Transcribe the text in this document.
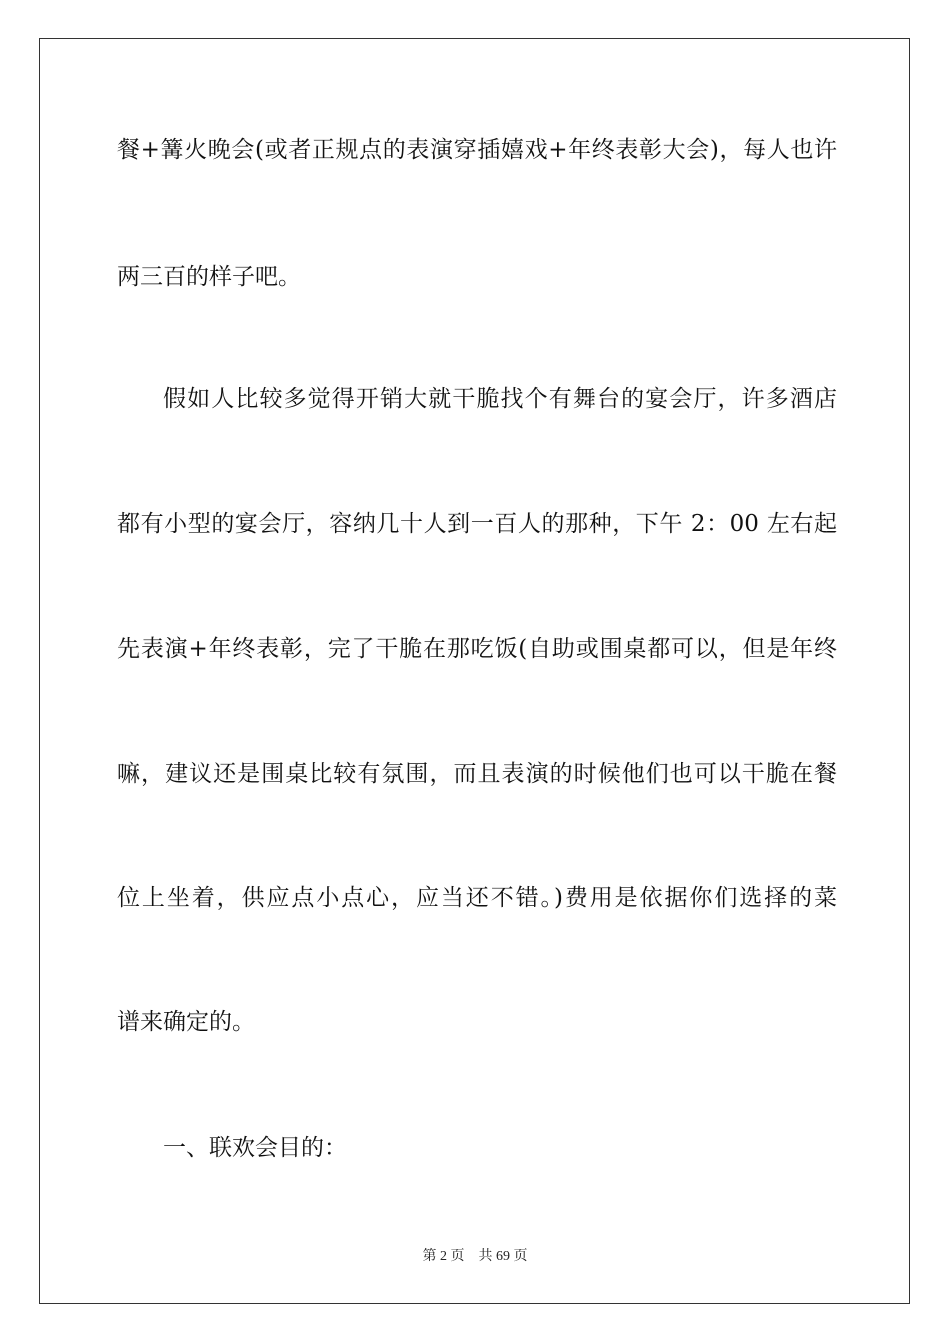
餐+篝火晚会(或者正规点的表演穿插嬉戏+年终表彰大会)，每人也许
两三百的样子吧。
假如人比较多觉得开销大就干脆找个有舞台的宴会厅，许多酒店
都有小型的宴会厅，容纳几十人到一百人的那种，下午 2：00 左右起
先表演+年终表彰，完了干脆在那吃饭(自助或围桌都可以，但是年终
嘛，建议还是围桌比较有氛围，而且表演的时候他们也可以干脆在餐
位上坐着，供应点小点心，应当还不错。)费用是依据你们选择的菜
谱来确定的。
一、联欢会目的：
第 2 页 共 69 页
